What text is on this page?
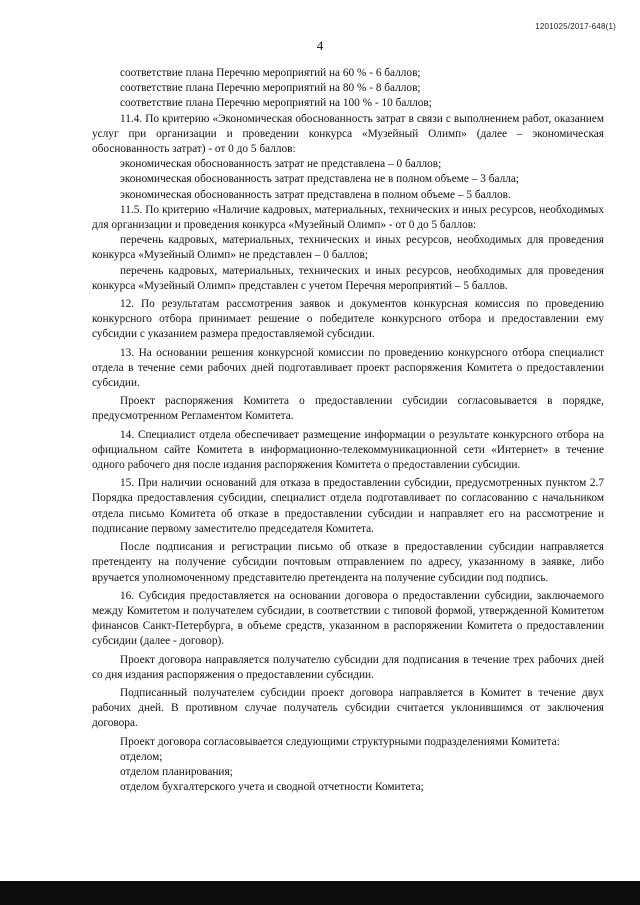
1201025/2017-648(1)
4

соответствие плана Перечню мероприятий на 60 % - 6 баллов;

соответствие плана Перечню мероприятий на 80 % - 8 баллов;

соответствие плана Перечню мероприятий на 100 % - 10 баллов;

11.4. По критерию «Экономическая обоснованность затрат в связи с выполнением работ, оказанием услуг при организации и проведении конкурса «Музейный Олимп» (далее – экономическая обоснованность затрат) - от 0 до 5 баллов:

экономическая обоснованность затрат не представлена – 0 баллов;

экономическая обоснованность затрат представлена не в полном объеме – 3 балла;

экономическая обоснованность затрат представлена в полном объеме – 5 баллов.

11.5. По критерию «Наличие кадровых, материальных, технических и иных ресурсов, необходимых для организации и проведения конкурса «Музейный Олимп» - от 0 до 5 баллов:

перечень кадровых, материальных, технических и иных ресурсов, необходимых для проведения конкурса «Музейный Олимп» не представлен – 0 баллов;

перечень кадровых, материальных, технических и иных ресурсов, необходимых для проведения конкурса «Музейный Олимп» представлен с учетом Перечня мероприятий – 5 баллов.

12. По результатам рассмотрения заявок и документов конкурсная комиссия по проведению конкурсного отбора принимает решение о победителе конкурсного отбора и предоставлении ему субсидии с указанием размера предоставляемой субсидии.

13. На основании решения конкурсной комиссии по проведению конкурсного отбора специалист отдела в течение семи рабочих дней подготавливает проект распоряжения Комитета о предоставлении субсидии.

Проект распоряжения Комитета о предоставлении субсидии согласовывается в порядке, предусмотренном Регламентом Комитета.

14. Специалист отдела обеспечивает размещение информации о результате конкурсного отбора на официальном сайте Комитета в информационно-телекоммуникационной сети «Интернет» в течение одного рабочего дня после издания распоряжения Комитета о предоставлении субсидии.

15. При наличии оснований для отказа в предоставлении субсидии, предусмотренных пунктом 2.7 Порядка предоставления субсидии, специалист отдела подготавливает по согласованию с начальником отдела письмо Комитета об отказе в предоставлении субсидии и направляет его на рассмотрение и подписание первому заместителю председателя Комитета.

После подписания и регистрации письмо об отказе в предоставлении субсидии направляется претенденту на получение субсидии почтовым отправлением по адресу, указанному в заявке, либо вручается уполномоченному представителю претендента на получение субсидии под подпись.

16. Субсидия предоставляется на основании договора о предоставлении субсидии, заключаемого между Комитетом и получателем субсидии, в соответствии с типовой формой, утвержденной Комитетом финансов Санкт-Петербурга, в объеме средств, указанном в распоряжении Комитета о предоставлении субсидии (далее - договор).

Проект договора направляется получателю субсидии для подписания в течение трех рабочих дней со дня издания распоряжения о предоставлении субсидии.

Подписанный получателем субсидии проект договора направляется в Комитет в течение двух рабочих дней. В противном случае получатель субсидии считается уклонившимся от заключения договора.

Проект договора согласовывается следующими структурными подразделениями Комитета:

отделом;

отделом планирования;

отделом бухгалтерского учета и сводной отчетности Комитета;
